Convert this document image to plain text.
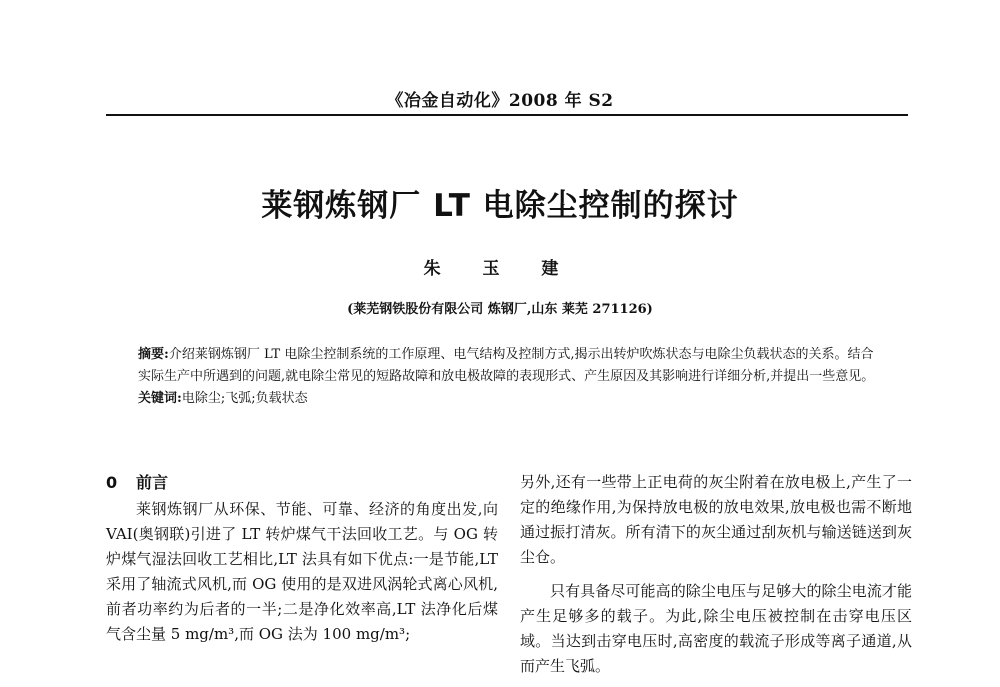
《冶金自动化》2008 年 S2
莱钢炼钢厂 LT 电除尘控制的探讨
朱 玉 建
(莱芜钢铁股份有限公司 炼钢厂,山东 莱芜 271126)

摘要:介绍莱钢炼钢厂 LT 电除尘控制系统的工作原理、电气结构及控制方式,揭示出转炉吹炼状态与电除尘负载状态的关系。结合实际生产中所遇到的问题,就电除尘常见的短路故障和放电极故障的表现形式、产生原因及其影响进行详细分析,并提出一些意见。

关键词:电除尘;飞弧;负载状态

0 前言

莱钢炼钢厂从环保、节能、可靠、经济的角度出发,向 VAI(奥钢联)引进了 LT 转炉煤气干法回收工艺。与 OG 转炉煤气湿法回收工艺相比,LT 法具有如下优点:一是节能,LT 采用了轴流式风机,而 OG 使用的是双进风涡轮式离心风机,前者功率约为后者的一半;二是净化效率高,LT 法净化后煤气含尘量 5 mg/m³,而 OG 法为 100 mg/m³;

另外,还有一些带上正电荷的灰尘附着在放电极上,产生了一定的绝缘作用,为保持放电极的放电效果,放电极也需不断地通过振打清灰。所有清下的灰尘通过刮灰机与输送链送到灰尘仓。

只有具备尽可能高的除尘电压与足够大的除尘电流才能产生足够多的载子。为此,除尘电压被控制在击穿电压区域。当达到击穿电压时,高密度的载流子形成等离子通道,从而产生飞弧。
